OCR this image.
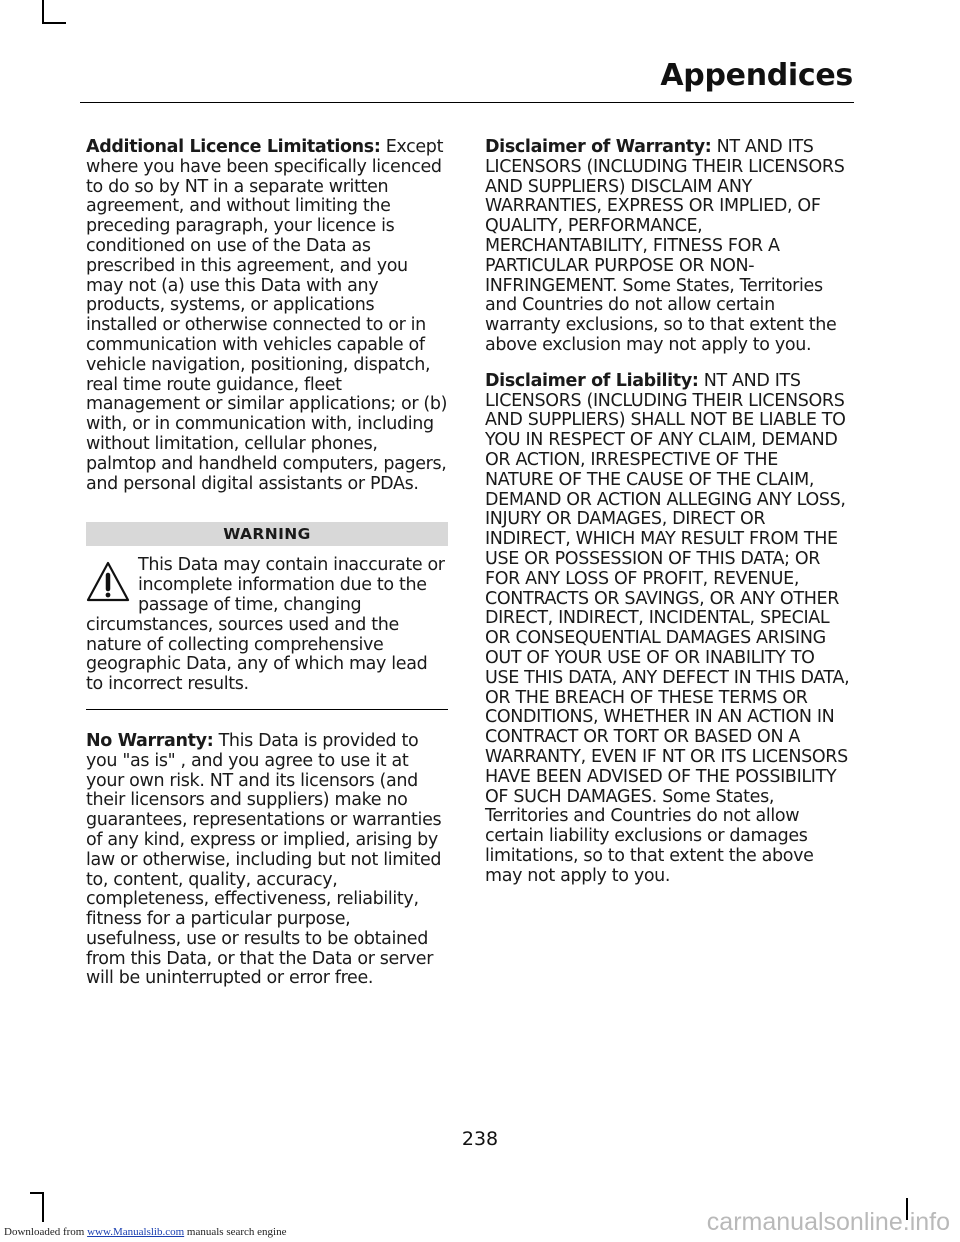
Appendices

Additional Licence Limitations: Except where you have been specifically licenced to do so by NT in a separate written agreement, and without limiting the preceding paragraph, your licence is conditioned on use of the Data as prescribed in this agreement, and you may not (a) use this Data with any products, systems, or applications installed or otherwise connected to or in communication with vehicles capable of vehicle navigation, positioning, dispatch, real time route guidance, fleet management or similar applications; or (b) with, or in communication with, including without limitation, cellular phones, palmtop and handheld computers, pagers, and personal digital assistants or PDAs.

WARNING
This Data may contain inaccurate or incomplete information due to the passage of time, changing circumstances, sources used and the nature of collecting comprehensive geographic Data, any of which may lead to incorrect results.

No Warranty: This Data is provided to you "as is" , and you agree to use it at your own risk. NT and its licensors (and their licensors and suppliers) make no guarantees, representations or warranties of any kind, express or implied, arising by law or otherwise, including but not limited to, content, quality, accuracy, completeness, effectiveness, reliability, fitness for a particular purpose, usefulness, use or results to be obtained from this Data, or that the Data or server will be uninterrupted or error free.

Disclaimer of Warranty: NT AND ITS LICENSORS (INCLUDING THEIR LICENSORS AND SUPPLIERS) DISCLAIM ANY WARRANTIES, EXPRESS OR IMPLIED, OF QUALITY, PERFORMANCE, MERCHANTABILITY, FITNESS FOR A PARTICULAR PURPOSE OR NON-INFRINGEMENT. Some States, Territories and Countries do not allow certain warranty exclusions, so to that extent the above exclusion may not apply to you.

Disclaimer of Liability: NT AND ITS LICENSORS (INCLUDING THEIR LICENSORS AND SUPPLIERS) SHALL NOT BE LIABLE TO YOU IN RESPECT OF ANY CLAIM, DEMAND OR ACTION, IRRESPECTIVE OF THE NATURE OF THE CAUSE OF THE CLAIM, DEMAND OR ACTION ALLEGING ANY LOSS, INJURY OR DAMAGES, DIRECT OR INDIRECT, WHICH MAY RESULT FROM THE USE OR POSSESSION OF THIS DATA; OR FOR ANY LOSS OF PROFIT, REVENUE, CONTRACTS OR SAVINGS, OR ANY OTHER DIRECT, INDIRECT, INCIDENTAL, SPECIAL OR CONSEQUENTIAL DAMAGES ARISING OUT OF YOUR USE OF OR INABILITY TO USE THIS DATA, ANY DEFECT IN THIS DATA, OR THE BREACH OF THESE TERMS OR CONDITIONS, WHETHER IN AN ACTION IN CONTRACT OR TORT OR BASED ON A WARRANTY, EVEN IF NT OR ITS LICENSORS HAVE BEEN ADVISED OF THE POSSIBILITY OF SUCH DAMAGES. Some States, Territories and Countries do not allow certain liability exclusions or damages limitations, so to that extent the above may not apply to you.

238
Downloaded from www.Manualslib.com manuals search engine	carmanualsonline.info
